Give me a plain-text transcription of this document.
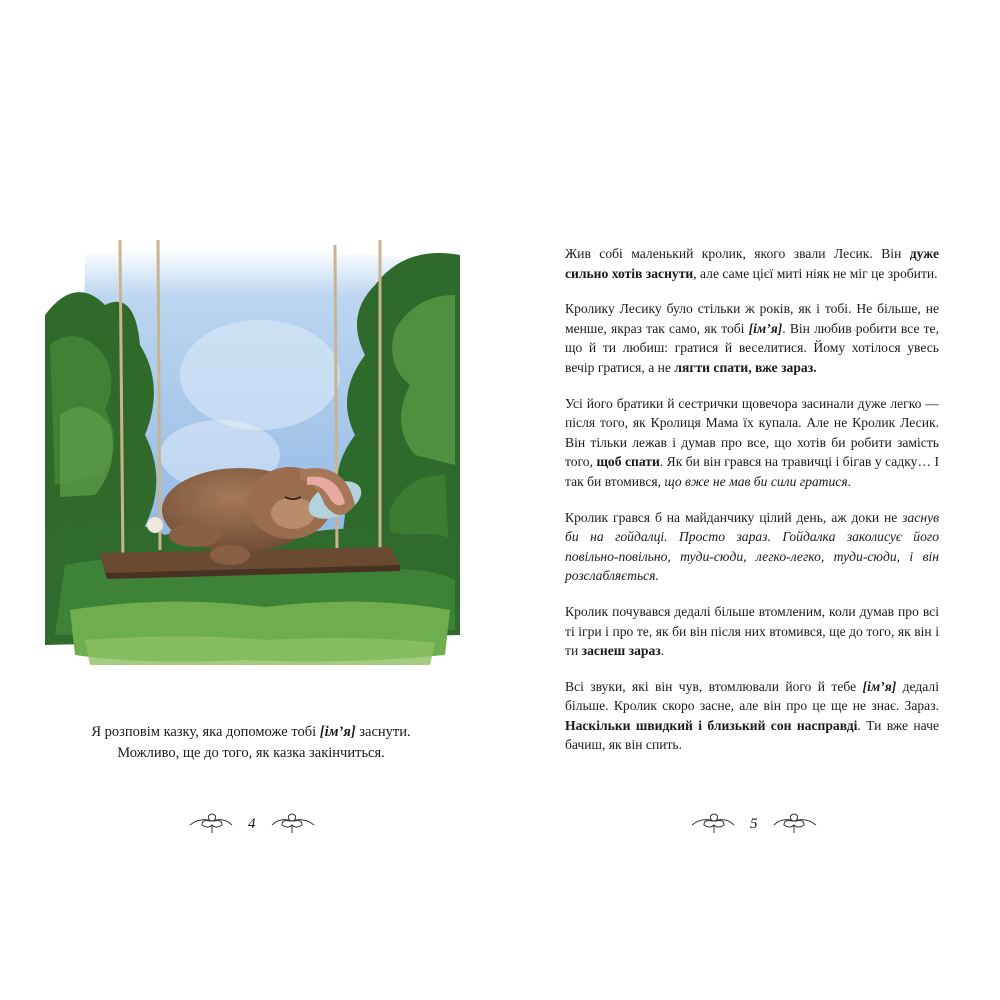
Я розповім казку, яка допоможе тобі [ім’я] заснути.

Можливо, ще до того, як казка закінчиться.

4

Жив собі маленький кролик, якого звали Лесик. Він дуже сильно хотів заснути, але саме цієї миті ніяк не міг це зробити.

Кролику Лесику було стільки ж років, як і тобі. Не більше, не менше, якраз так само, як тобі [ім’я]. Він любив робити все те, що й ти любиш: гратися й веселитися. Йому хотілося увесь вечір гратися, а не лягти спати, вже зараз.

Усі його братики й сестрички щовечора засинали дуже легко — після того, як Кролиця Мама їх купала. Але не Кролик Лесик. Він тільки лежав і думав про все, що хотів би робити замість того, щоб спати. Як би він грався на травичці і бігав у садку… І так би втомився, що вже не мав би сили гратися.

Кролик грався б на майданчику цілий день, аж доки не заснув би на гойдалці. Просто зараз. Гойдалка заколисує його повільно-повільно, туди-сюди, легко-легко, туди-сюди, і він розслабляється.

Кролик почувався дедалі більше втомленим, коли думав про всі ті ігри і про те, як би він після них втомився, ще до того, як він і ти заснеш зараз.

Всі звуки, які він чув, втомлювали його й тебе [ім’я] дедалі більше. Кролик скоро засне, але він про це ще не знає. Зараз. Наскільки швидкий і близький сон насправді. Ти вже наче бачиш, як він спить.

5
